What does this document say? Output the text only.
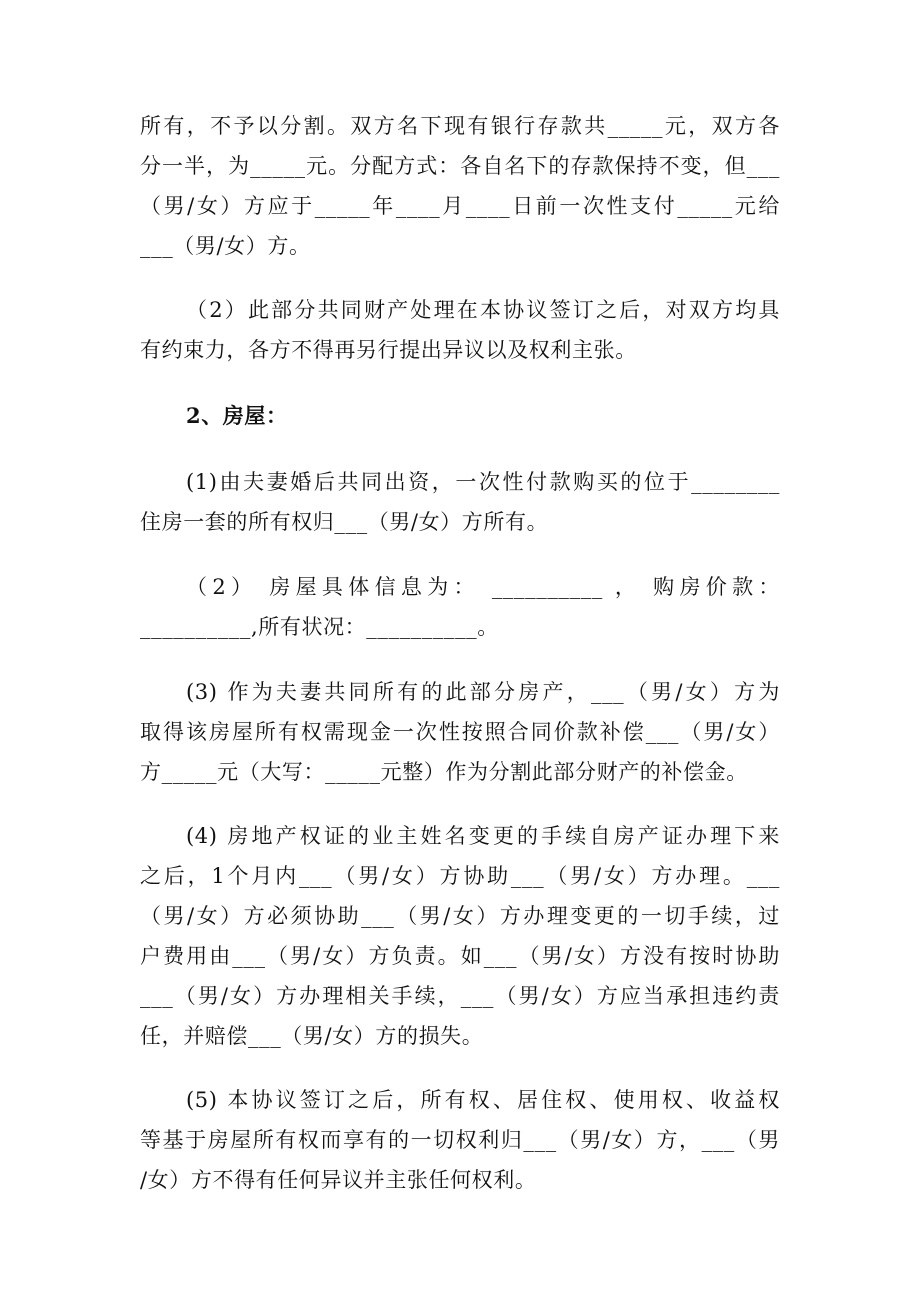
所有，不予以分割。双方名下现有银行存款共_____元，双方各
分一半，为_____元。分配方式：各自名下的存款保持不变，但___
（男/女）方应于_____年____月____日前一次性支付_____元给
___（男/女）方。
（2）此部分共同财产处理在本协议签订之后，对双方均具
有约束力，各方不得再另行提出异议以及权利主张。
2、房屋：
(1)由夫妻婚后共同出资，一次性付款购买的位于________
住房一套的所有权归___（男/女）方所有。
（2） 房屋具体信息为： __________ ， 购房价款：
__________,所有状况：__________。
(3) 作为夫妻共同所有的此部分房产，___（男/女）方为
取得该房屋所有权需现金一次性按照合同价款补偿___（男/女）
方_____元（大写：_____元整）作为分割此部分财产的补偿金。
(4) 房地产权证的业主姓名变更的手续自房产证办理下来
之后，1个月内___（男/女）方协助___（男/女）方办理。___
（男/女）方必须协助___（男/女）方办理变更的一切手续，过
户费用由___（男/女）方负责。如___（男/女）方没有按时协助
___（男/女）方办理相关手续，___（男/女）方应当承担违约责
任，并赔偿___（男/女）方的损失。
(5) 本协议签订之后，所有权、居住权、使用权、收益权
等基于房屋所有权而享有的一切权利归___（男/女）方，___（男
/女）方不得有任何异议并主张任何权利。
